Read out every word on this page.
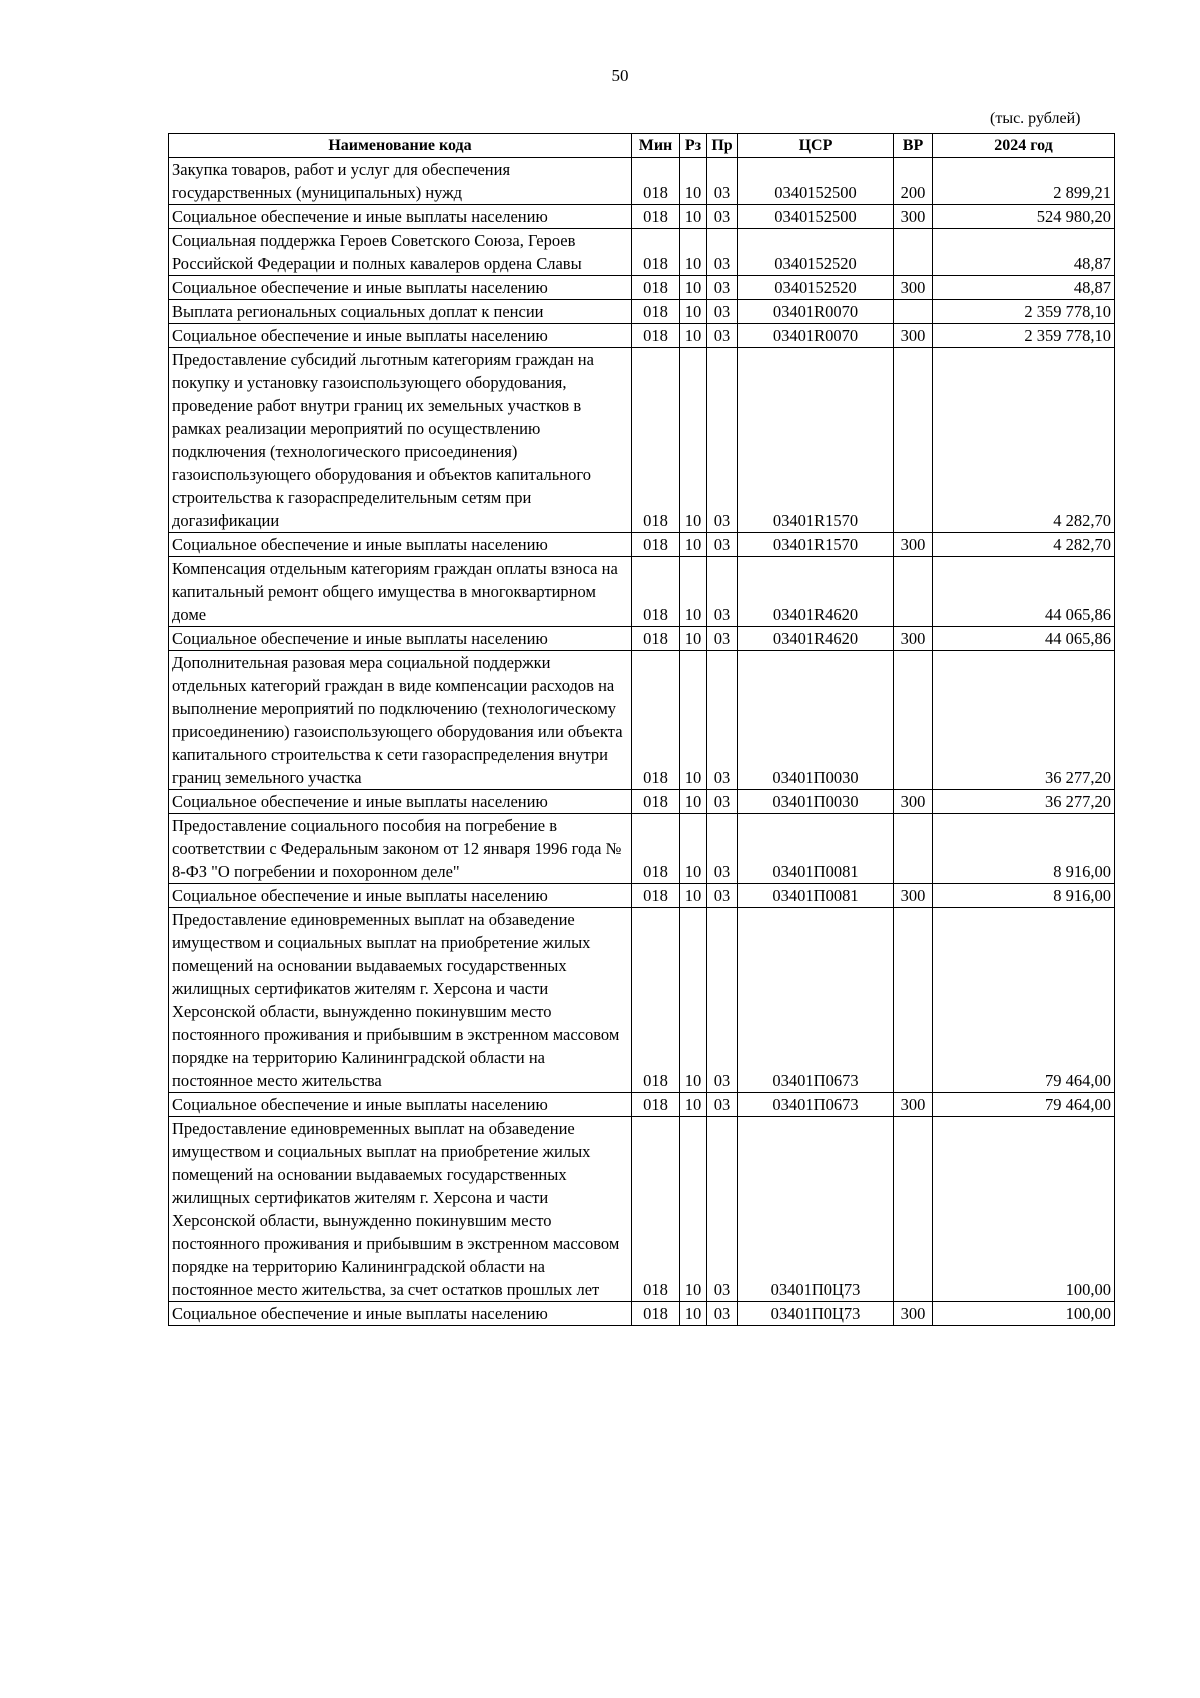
50
(тыс. рублей)
Наименование кода	Мин	Рз	Пр	ЦСР	ВР	2024 год
Закупка товаров, работ и услуг для обеспечения государственных (муниципальных) нужд	018	10	03	0340152500	200	2 899,21
Социальное обеспечение и иные выплаты населению	018	10	03	0340152500	300	524 980,20
Социальная поддержка Героев Советского Союза, Героев Российской Федерации и полных кавалеров ордена Славы	018	10	03	0340152520		48,87
Социальное обеспечение и иные выплаты населению	018	10	03	0340152520	300	48,87
Выплата региональных социальных доплат к пенсии	018	10	03	03401R0070		2 359 778,10
Социальное обеспечение и иные выплаты населению	018	10	03	03401R0070	300	2 359 778,10
Предоставление субсидий льготным категориям граждан на покупку и установку газоиспользующего оборудования, проведение работ внутри границ их земельных участков в рамках реализации мероприятий по осуществлению подключения (технологического присоединения) газоиспользующего оборудования и объектов капитального строительства к газораспределительным сетям при догазификации	018	10	03	03401R1570		4 282,70
Социальное обеспечение и иные выплаты населению	018	10	03	03401R1570	300	4 282,70
Компенсация отдельным категориям граждан оплаты взноса на капитальный ремонт общего имущества в многоквартирном доме	018	10	03	03401R4620		44 065,86
Социальное обеспечение и иные выплаты населению	018	10	03	03401R4620	300	44 065,86
Дополнительная разовая мера социальной поддержки отдельных категорий граждан в виде компенсации расходов на выполнение мероприятий по подключению (технологическому присоединению) газоиспользующего оборудования или объекта капитального строительства к сети газораспределения внутри границ земельного участка	018	10	03	03401П0030		36 277,20
Социальное обеспечение и иные выплаты населению	018	10	03	03401П0030	300	36 277,20
Предоставление социального пособия на погребение в соответствии с Федеральным законом от 12 января 1996 года № 8-ФЗ "О погребении и похоронном деле"	018	10	03	03401П0081		8 916,00
Социальное обеспечение и иные выплаты населению	018	10	03	03401П0081	300	8 916,00
Предоставление единовременных выплат на обзаведение имуществом и социальных выплат на приобретение жилых помещений на основании выдаваемых государственных жилищных сертификатов жителям г. Херсона и части Херсонской области, вынужденно покинувшим место постоянного проживания и прибывшим в экстренном массовом порядке на территорию Калининградской области на постоянное место жительства	018	10	03	03401П0673		79 464,00
Социальное обеспечение и иные выплаты населению	018	10	03	03401П0673	300	79 464,00
Предоставление единовременных выплат на обзаведение имуществом и социальных выплат на приобретение жилых помещений на основании выдаваемых государственных жилищных сертификатов жителям г. Херсона и части Херсонской области, вынужденно покинувшим место постоянного проживания и прибывшим в экстренном массовом порядке на территорию Калининградской области на постоянное место жительства, за счет остатков прошлых лет	018	10	03	03401П0Ц73		100,00
Социальное обеспечение и иные выплаты населению	018	10	03	03401П0Ц73	300	100,00
